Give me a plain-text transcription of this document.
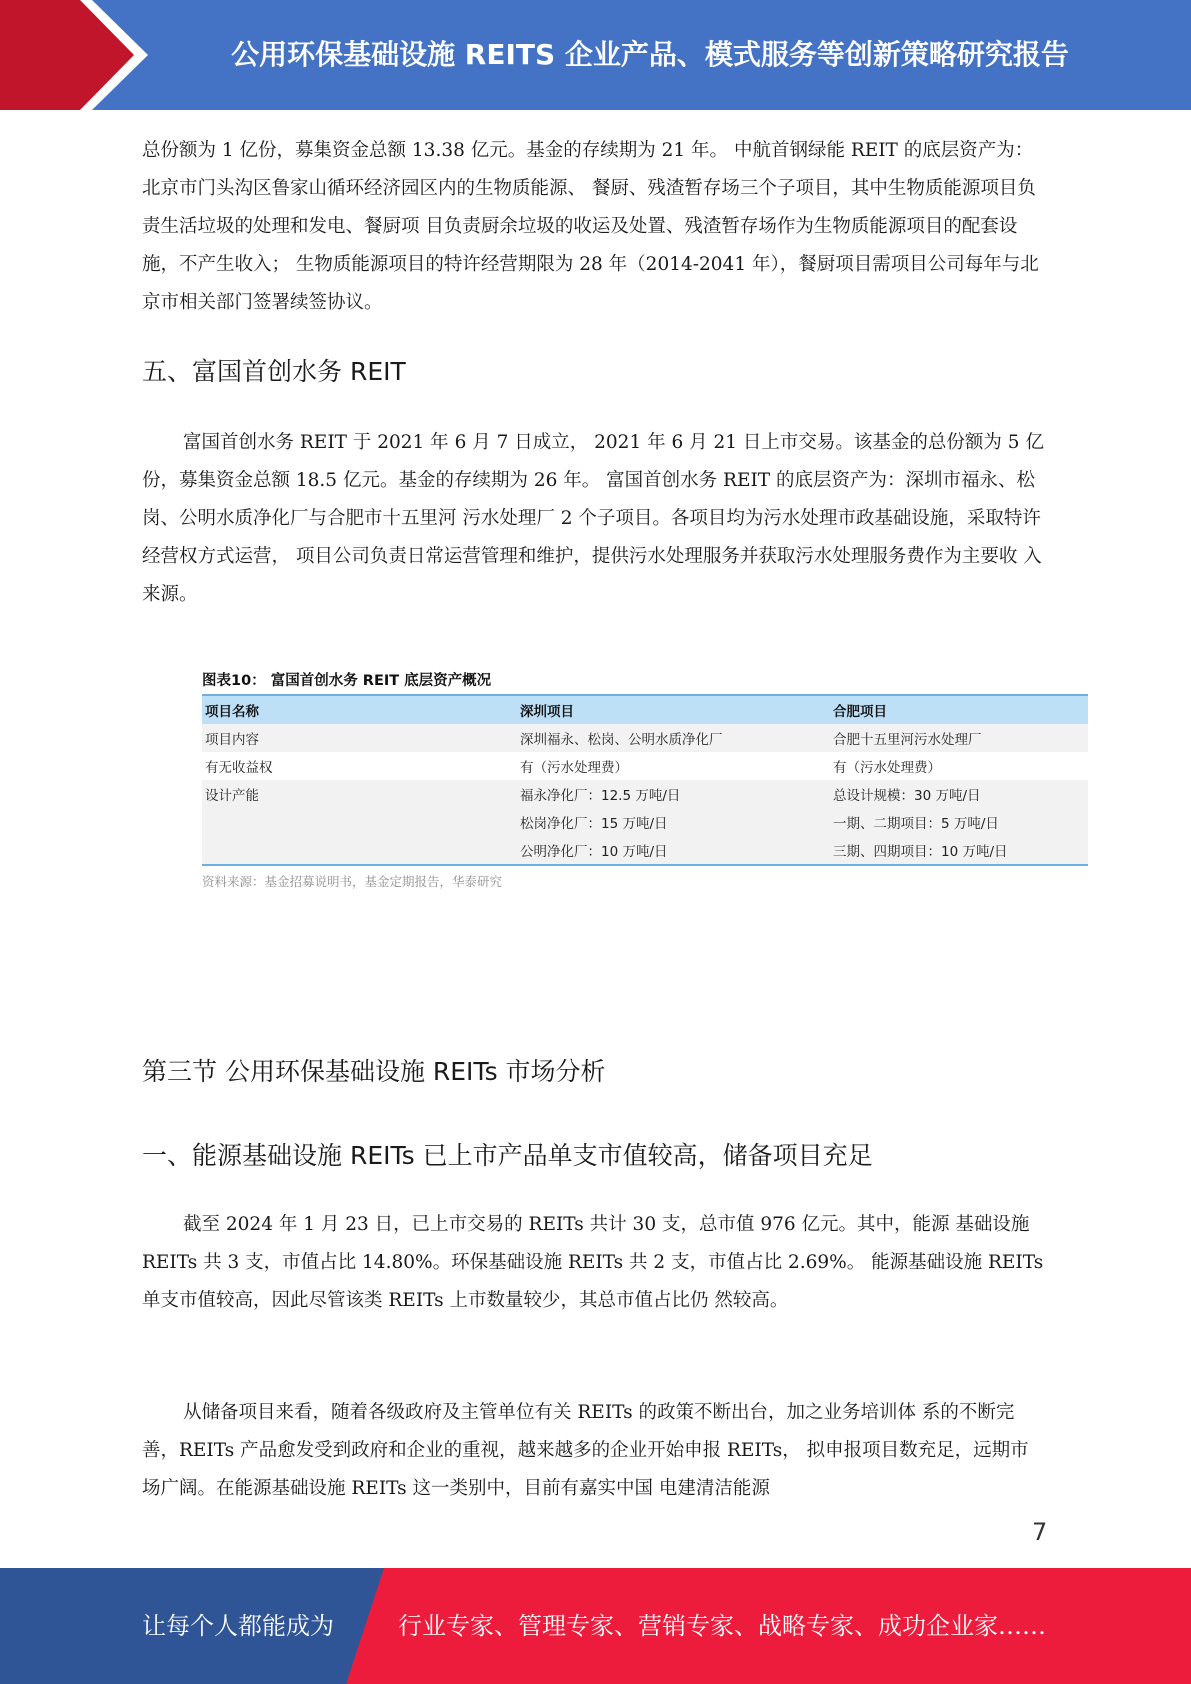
公用环保基础设施 REITS 企业产品、模式服务等创新策略研究报告

总份额为 1 亿份，募集资金总额 13.38 亿元。基金的存续期为 21 年。 中航首钢绿能 REIT 的底层资产为：北京市门头沟区鲁家山循环经济园区内的生物质能源、 餐厨、残渣暂存场三个子项目，其中生物质能源项目负责生活垃圾的处理和发电、餐厨项 目负责厨余垃圾的收运及处置、残渣暂存场作为生物质能源项目的配套设施，不产生收入； 生物质能源项目的特许经营期限为 28 年（2014-2041 年），餐厨项目需项目公司每年与北 京市相关部门签署续签协议。

五、富国首创水务 REIT

富国首创水务 REIT 于 2021 年 6 月 7 日成立， 2021 年 6 月 21 日上市交易。该基金的总份额为 5 亿份，募集资金总额 18.5 亿元。基金的存续期为 26 年。 富国首创水务 REIT 的底层资产为：深圳市福永、松岗、公明水质净化厂与合肥市十五里河 污水处理厂 2 个子项目。各项目均为污水处理市政基础设施，采取特许经营权方式运营， 项目公司负责日常运营管理和维护，提供污水处理服务并获取污水处理服务费作为主要收 入来源。

图表10： 富国首创水务 REIT 底层资产概况
项目名称	深圳项目	合肥项目
项目内容	深圳福永、松岗、公明水质净化厂	合肥十五里河污水处理厂
有无收益权	有（污水处理费）	有（污水处理费）
设计产能	福永净化厂：12.5 万吨/日	总设计规模：30 万吨/日
	松岗净化厂：15 万吨/日	一期、二期项目：5 万吨/日
	公明净化厂：10 万吨/日	三期、四期项目：10 万吨/日
资料来源：基金招募说明书，基金定期报告，华泰研究
第三节 公用环保基础设施 REITs 市场分析
一、能源基础设施 REITs 已上市产品单支市值较高，储备项目充足

截至 2024 年 1 月 23 日，已上市交易的 REITs 共计 30 支，总市值 976 亿元。其中，能源 基础设施 REITs 共 3 支，市值占比 14.80%。环保基础设施 REITs 共 2 支，市值占比 2.69%。 能源基础设施 REITs 单支市值较高，因此尽管该类 REITs 上市数量较少，其总市值占比仍 然较高。

从储备项目来看，随着各级政府及主管单位有关 REITs 的政策不断出台，加之业务培训体 系的不断完善，REITs 产品愈发受到政府和企业的重视，越来越多的企业开始申报 REITs， 拟申报项目数充足，远期市场广阔。在能源基础设施 REITs 这一类别中，目前有嘉实中国 电建清洁能源

7
让每个人都能成为	行业专家、管理专家、营销专家、战略专家、成功企业家……
